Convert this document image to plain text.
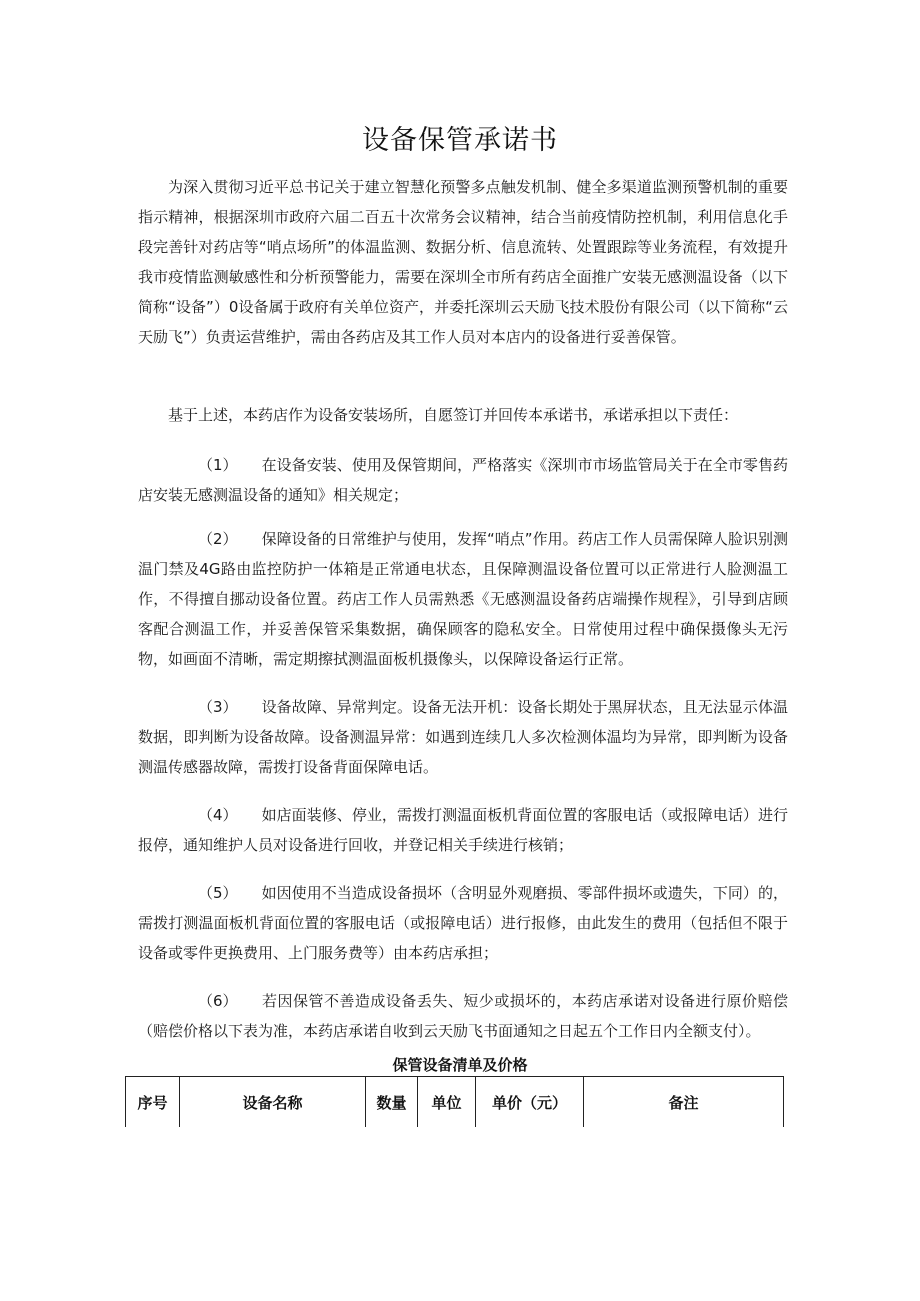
设备保管承诺书

为深入贯彻习近平总书记关于建立智慧化预警多点触发机制、健全多渠道监测预警机制的重要指示精神，根据深圳市政府六届二百五十次常务会议精神，结合当前疫情防控机制，利用信息化手段完善针对药店等“哨点场所”的体温监测、数据分析、信息流转、处置跟踪等业务流程，有效提升我市疫情监测敏感性和分析预警能力，需要在深圳全市所有药店全面推广安装无感测温设备（以下简称“设备”）0设备属于政府有关单位资产，并委托深圳云天励飞技术股份有限公司（以下简称“云天励飞”）负责运营维护，需由各药店及其工作人员对本店内的设备进行妥善保管。

基于上述，本药店作为设备安装场所，自愿签订并回传本承诺书，承诺承担以下责任：

（1） 在设备安装、使用及保管期间，严格落实《深圳市市场监管局关于在全市零售药店安装无感测温设备的通知》相关规定；

（2） 保障设备的日常维护与使用，发挥“哨点”作用。药店工作人员需保障人脸识别测温门禁及4G路由监控防护一体箱是正常通电状态，且保障测温设备位置可以正常进行人脸测温工作，不得擅自挪动设备位置。药店工作人员需熟悉《无感测温设备药店端操作规程》，引导到店顾客配合测温工作，并妥善保管采集数据，确保顾客的隐私安全。日常使用过程中确保摄像头无污物，如画面不清晰，需定期擦拭测温面板机摄像头，以保障设备运行正常。

（3） 设备故障、异常判定。设备无法开机：设备长期处于黑屏状态，且无法显示体温数据，即判断为设备故障。设备测温异常：如遇到连续几人多次检测体温均为异常，即判断为设备测温传感器故障，需拨打设备背面保障电话。

（4） 如店面装修、停业，需拨打测温面板机背面位置的客服电话（或报障电话）进行报停，通知维护人员对设备进行回收，并登记相关手续进行核销；

（5） 如因使用不当造成设备损坏（含明显外观磨损、零部件损坏或遗失，下同）的，需拨打测温面板机背面位置的客服电话（或报障电话）进行报修，由此发生的费用（包括但不限于设备或零件更换费用、上门服务费等）由本药店承担；

（6） 若因保管不善造成设备丢失、短少或损坏的，本药店承诺对设备进行原价赔偿（赔偿价格以下表为准，本药店承诺自收到云天励飞书面通知之日起五个工作日内全额支付）。

保管设备清单及价格
序号	设备名称	数量	单位	单价（元）	备注
